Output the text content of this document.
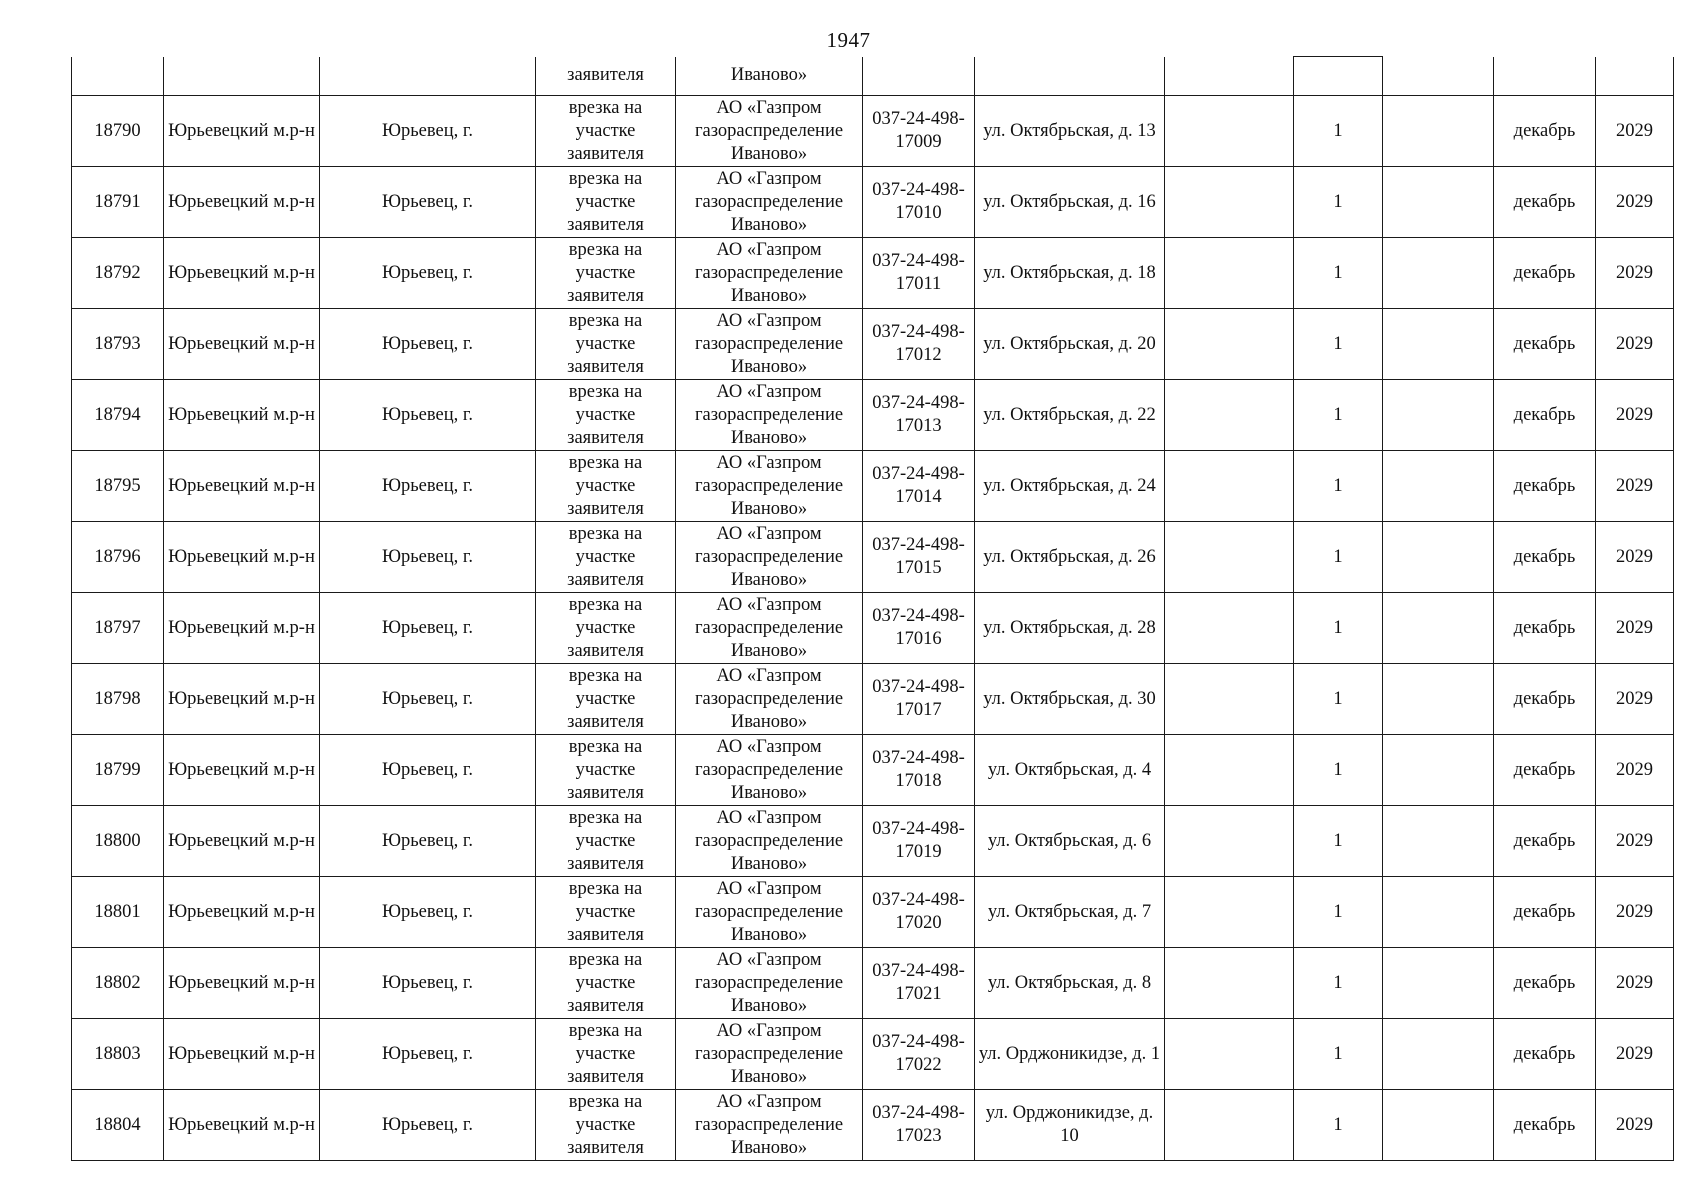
1947
			заявителя	Иваново»							
18790	Юрьевецкий м.р-н	Юрьевец, г.	врезка на участке заявителя	АО «Газпром газораспределение Иваново»	037-24-498-17009	ул. Октябрьская, д. 13		1		декабрь	2029
18791	Юрьевецкий м.р-н	Юрьевец, г.	врезка на участке заявителя	АО «Газпром газораспределение Иваново»	037-24-498-17010	ул. Октябрьская, д. 16		1		декабрь	2029
18792	Юрьевецкий м.р-н	Юрьевец, г.	врезка на участке заявителя	АО «Газпром газораспределение Иваново»	037-24-498-17011	ул. Октябрьская, д. 18		1		декабрь	2029
18793	Юрьевецкий м.р-н	Юрьевец, г.	врезка на участке заявителя	АО «Газпром газораспределение Иваново»	037-24-498-17012	ул. Октябрьская, д. 20		1		декабрь	2029
18794	Юрьевецкий м.р-н	Юрьевец, г.	врезка на участке заявителя	АО «Газпром газораспределение Иваново»	037-24-498-17013	ул. Октябрьская, д. 22		1		декабрь	2029
18795	Юрьевецкий м.р-н	Юрьевец, г.	врезка на участке заявителя	АО «Газпром газораспределение Иваново»	037-24-498-17014	ул. Октябрьская, д. 24		1		декабрь	2029
18796	Юрьевецкий м.р-н	Юрьевец, г.	врезка на участке заявителя	АО «Газпром газораспределение Иваново»	037-24-498-17015	ул. Октябрьская, д. 26		1		декабрь	2029
18797	Юрьевецкий м.р-н	Юрьевец, г.	врезка на участке заявителя	АО «Газпром газораспределение Иваново»	037-24-498-17016	ул. Октябрьская, д. 28		1		декабрь	2029
18798	Юрьевецкий м.р-н	Юрьевец, г.	врезка на участке заявителя	АО «Газпром газораспределение Иваново»	037-24-498-17017	ул. Октябрьская, д. 30		1		декабрь	2029
18799	Юрьевецкий м.р-н	Юрьевец, г.	врезка на участке заявителя	АО «Газпром газораспределение Иваново»	037-24-498-17018	ул. Октябрьская, д. 4		1		декабрь	2029
18800	Юрьевецкий м.р-н	Юрьевец, г.	врезка на участке заявителя	АО «Газпром газораспределение Иваново»	037-24-498-17019	ул. Октябрьская, д. 6		1		декабрь	2029
18801	Юрьевецкий м.р-н	Юрьевец, г.	врезка на участке заявителя	АО «Газпром газораспределение Иваново»	037-24-498-17020	ул. Октябрьская, д. 7		1		декабрь	2029
18802	Юрьевецкий м.р-н	Юрьевец, г.	врезка на участке заявителя	АО «Газпром газораспределение Иваново»	037-24-498-17021	ул. Октябрьская, д. 8		1		декабрь	2029
18803	Юрьевецкий м.р-н	Юрьевец, г.	врезка на участке заявителя	АО «Газпром газораспределение Иваново»	037-24-498-17022	ул. Орджоникидзе, д. 1		1		декабрь	2029
18804	Юрьевецкий м.р-н	Юрьевец, г.	врезка на участке заявителя	АО «Газпром газораспределение Иваново»	037-24-498-17023	ул. Орджоникидзе, д. 10		1		декабрь	2029
